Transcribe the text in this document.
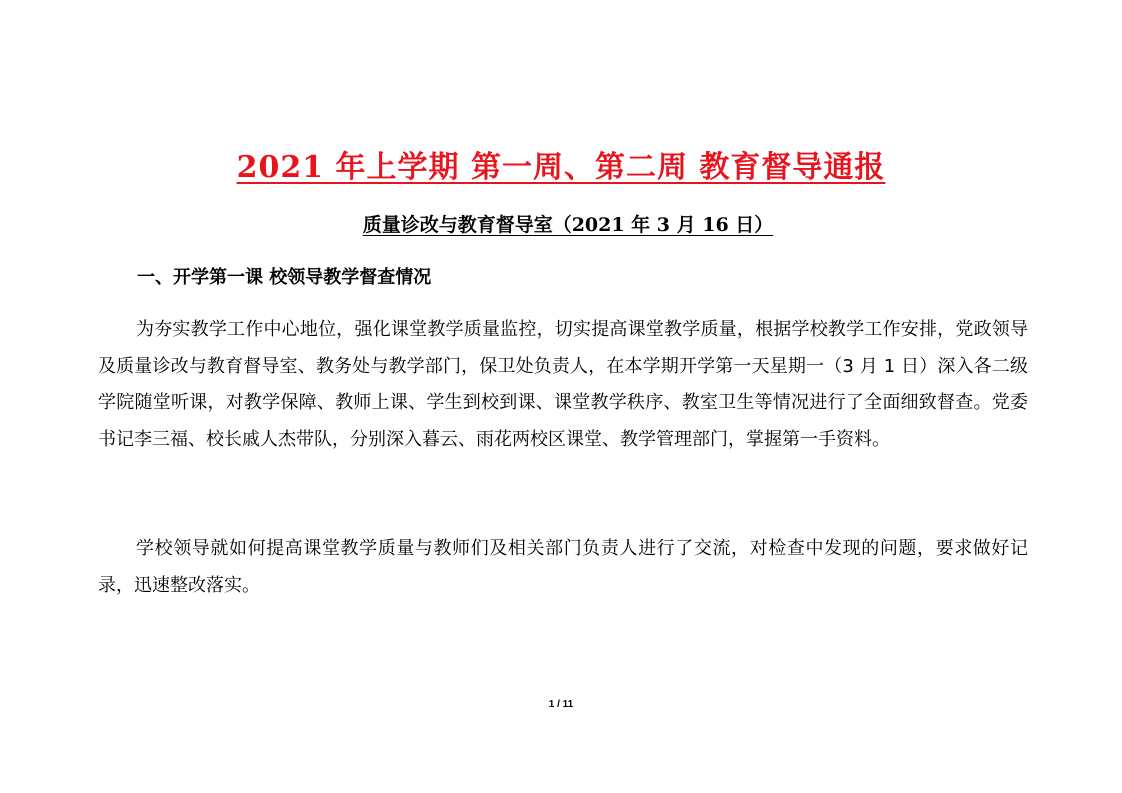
2021 年上学期 第一周、第二周 教育督导通报
质量诊改与教育督导室（2021 年 3 月 16 日）
一、开学第一课 校领导教学督查情况

为夯实教学工作中心地位，强化课堂教学质量监控，切实提高课堂教学质量，根据学校教学工作安排，党政领导及质量诊改与教育督导室、教务处与教学部门，保卫处负责人，在本学期开学第一天星期一（3 月 1 日）深入各二级学院随堂听课，对教学保障、教师上课、学生到校到课、课堂教学秩序、教室卫生等情况进行了全面细致督查。党委书记李三福、校长戚人杰带队，分别深入暮云、雨花两校区课堂、教学管理部门，掌握第一手资料。

学校领导就如何提高课堂教学质量与教师们及相关部门负责人进行了交流，对检查中发现的问题，要求做好记录，迅速整改落实。

1 / 11
